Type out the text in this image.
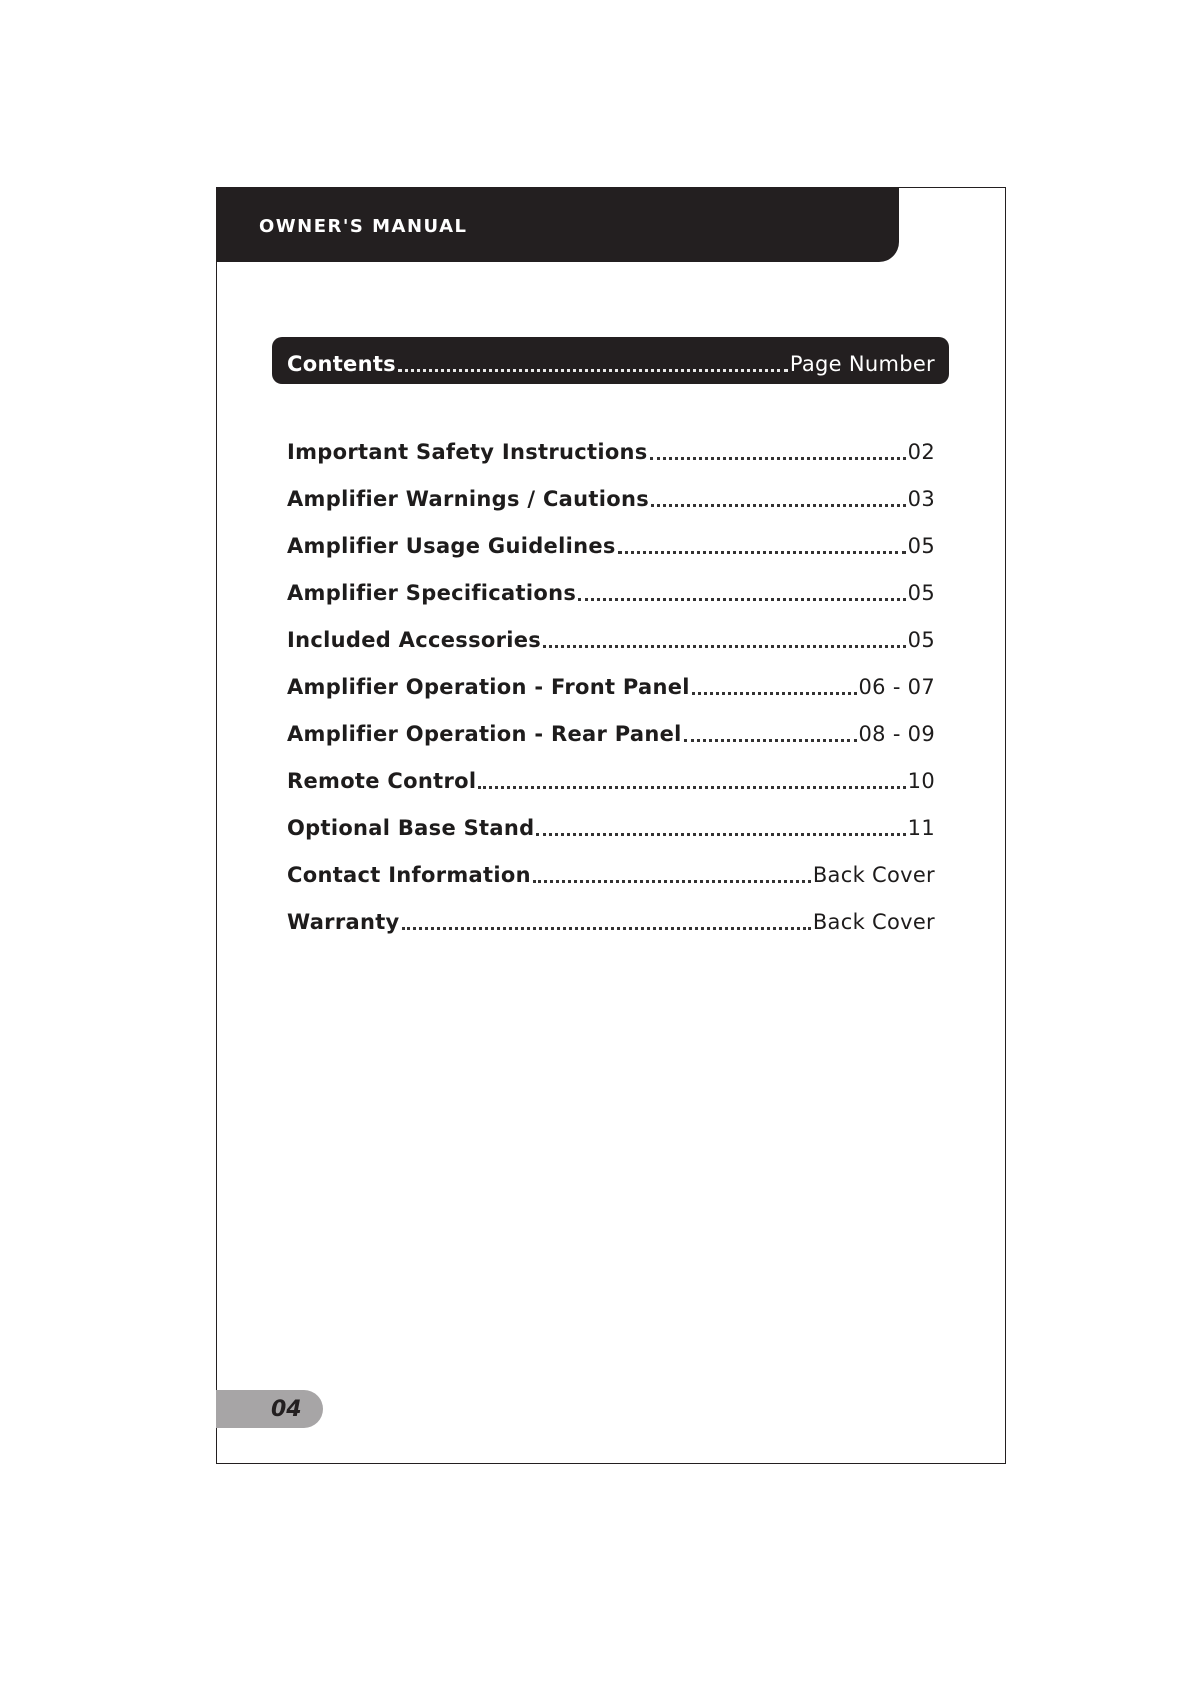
OWNER'S MANUAL
Contents	Page Number
Important Safety Instructions	02
Amplifier Warnings / Cautions	03
Amplifier Usage Guidelines	05
Amplifier Specifications	05
Included Accessories	05
Amplifier Operation - Front Panel	06 - 07
Amplifier Operation - Rear Panel	08 - 09
Remote Control	10
Optional Base Stand	11
Contact Information	Back Cover
Warranty	Back Cover
04
